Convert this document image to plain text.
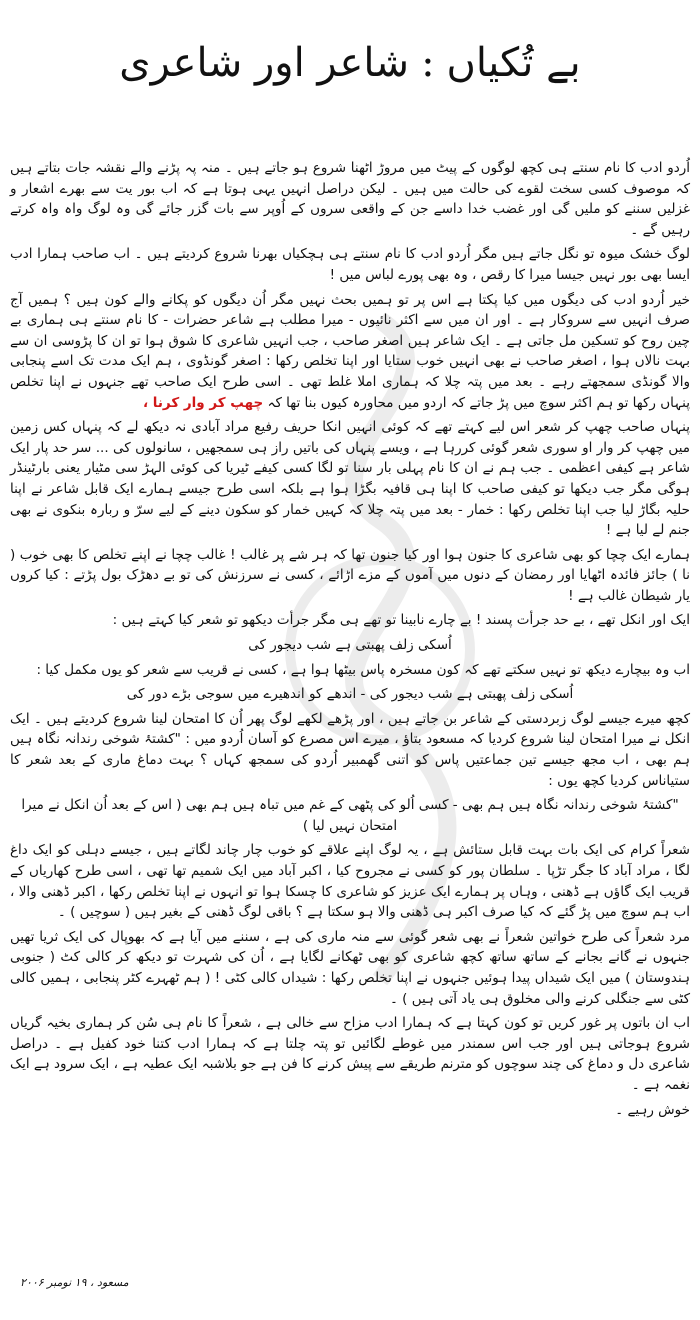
بے تُکیاں:شاعر اور شاعری

اُردو ادب کا نام سنتے ہی کچھ لوگوں کے پیٹ میں مروڑ اٹھنا شروع ہو جاتے ہیں ۔ منہ پہ پڑنے والے نقشہ جات بتاتے ہیں کہ موصوف کسی سخت لقوے کی حالت میں ہیں ۔ لیکن دراصل انہیں یہی ہوتا ہے کہ اب بور یت سے بھرے اشعار و غزلیں سننے کو ملیں گی اور غضب خدا داسے جن کے واقعی سروں کے اُوپر سے بات گزر جائے گی وہ لوگ واہ واہ کرتے رہیں گے ۔

لوگ خشک میوہ تو نگل جاتے ہیں مگر اُردو ادب کا نام سنتے ہی ہچکیاں بھرنا شروع کردیتے ہیں ۔ اب صاحب ہمارا ادب ایسا بھی بور نہیں جیسا میرا کا رقص ، وہ بھی پورے لباس میں !

خیر اُردو ادب کی دیگوں میں کیا پکتا ہے اس پر تو ہمیں بحث نہیں مگر اُن دیگوں کو پکانے والے کون ہیں ؟ ہمیں آج صرف انہیں سے سروکار ہے ۔ اور ان میں سے اکثر نائیوں - میرا مطلب ہے شاعر حضرات - کا نام سنتے ہی ہماری بے چین روح کو تسکین مل جاتی ہے ۔ ایک شاعر ہیں اصغر صاحب ، جب انہیں شاعری کا شوق ہوا تو ان کا پڑوسی ان سے بہت نالاں ہوا ، اصغر صاحب نے بھی انہیں خوب ستایا اور اپنا تخلص رکھا : اصغر گونڈوی ، ہم ایک مدت تک اسے پنجابی والا گونڈی سمجھتے رہے ۔ بعد میں پتہ چلا کہ ہماری املا غلط تھی ۔ اسی طرح ایک صاحب تھے جنہوں نے اپنا تخلص پنہاں رکھا تو ہم اکثر سوچ میں پڑ جاتے کہ اردو میں محاورہ کیوں بنا تھا کہ چھپ کر وار کرنا ،

پنہاں صاحب چھپ کر شعر اس لیے کہتے تھے کہ کوئی انہیں انکا حریف رفیع مراد آبادی نہ دیکھ لے کہ پنہاں کس زمین میں چھپ کر وار او سوری شعر گوئی کررہا ہے ، ویسے پنہاں کی باتیں راز ہی سمجھیں ، سانولوں کی ... سر حد پار ایک شاعر ہے کیفی اعظمی ۔ جب ہم نے ان کا نام پہلی بار سنا تو لگا کسی کیفے ٹیریا کی کوئی الہڑ سی مٹیار یعنی بارٹینڈر ہوگی مگر جب دیکھا تو کیفی صاحب کا اپنا ہی قافیہ بگڑا ہوا ہے بلکہ اسی طرح جیسے ہمارے ایک قابل شاعر نے اپنا حلیہ بگاڑ لیا جب اپنا تخلص رکھا : خمار - بعد میں پتہ چلا کہ کہیں خمار کو سکون دینے کے لیے سرّ و ربارہ بنکوی نے بھی جنم لے لیا ہے !

ہمارے ایک چچا کو بھی شاعری کا جنون ہوا اور کیا جنون تھا کہ ہر شے پر غالب ! غالب چچا نے اپنے تخلص کا بھی خوب ( نا ) جائز فائدہ اٹھایا اور رمضان کے دنوں میں آموں کے مزے اڑائے ، کسی نے سرزنش کی تو بے دھڑک بول پڑتے : کیا کروں یار شیطان غالب ہے !

ایک اور انکل تھے ، بے حد جرأت پسند ! بے چارے نابینا تو تھے ہی مگر جرأت دیکھو تو شعر کیا کہتے ہیں :

اُسکی زلف پھبتی ہے شب دیجور کی

اب وہ بیچارے دیکھ تو نہیں سکتے تھے کہ کون مسخرہ پاس بیٹھا ہوا ہے ، کسی نے قریب سے شعر کو یوں مکمل کیا :

اُسکی زلف پھبتی ہے شب دیجور کی - اندھے کو اندھیرے میں سوجی بڑے دور کی

کچھ میرے جیسے لوگ زبردستی کے شاعر بن جاتے ہیں ، اور پڑھے لکھے لوگ پھر اُن کا امتحان لینا شروع کردیتے ہیں ۔ ایک انکل نے میرا امتحان لینا شروع کردیا کہ مسعود بتاؤ ، میرے اس مصرع کو آسان اُردو میں : "کشتۂ شوخی رندانہ نگاہ ہیں ہم بھی ، اب مجھ جیسے تین جماعتیں پاس کو اتنی گھمبیر اُردو کی سمجھ کہاں ؟ بہت دماغ ماری کے بعد شعر کا ستیاناس کردیا کچھ یوں :

"کشتۂ شوخی رندانہ نگاہ ہیں ہم بھی - کسی اُلو کی پٹھی کے غم میں تباہ ہیں ہم بھی ( اس کے بعد اُن انکل نے میرا امتحان نہیں لیا )

شعراً کرام کی ایک بات بہت قابل ستائش ہے ، یہ لوگ اپنے علاقے کو خوب چار چاند لگاتے ہیں ، جیسے دہلی کو ایک داغ لگا ، مراد آباد کا جگر تڑپا ۔ سلطان پور کو کسی نے مجروح کیا ، اکبر آباد میں ایک شمیم تھا تھی ، اسی طرح کھاریاں کے قریب ایک گاؤں ہے ڈھنی ، وہاں پر ہمارے ایک عزیز کو شاعری کا چسکا ہوا تو انہوں نے اپنا تخلص رکھا ، اکبر ڈھنی والا ، اب ہم سوچ میں پڑ گئے کہ کیا صرف اکبر ہی ڈھنی والا ہو سکتا ہے ؟ باقی لوگ ڈھنی کے بغیر ہیں ( سوچیں ) ۔

مرد شعراً کی طرح خواتین شعراً نے بھی شعر گوئی سے منہ ماری کی ہے ، سننے میں آیا ہے کہ بھوپال کی ایک ثریا تھیں جنہوں نے گانے بجانے کے ساتھ ساتھ کچھ شاعری کو بھی ٹھکانے لگایا ہے ، اُن کی شہرت تو دیکھ کر کالی کٹ ( جنوبی ہندوستان ) میں ایک شیداں پیدا ہوئیں جنہوں نے اپنا تخلص رکھا : شیداں کالی کٹی ! ( ہم ٹھہرے کٹر پنجابی ، ہمیں کالی کٹی سے جنگلی کرنے والی مخلوق ہی یاد آتی ہیں ) ۔

اب ان باتوں پر غور کریں تو کون کہتا ہے کہ ہمارا ادب مزاح سے خالی ہے ، شعراً کا نام ہی سُن کر ہماری بخیہ گریاں شروع ہوجاتی ہیں اور جب اس سمندر میں غوطے لگائیں تو پتہ چلتا ہے کہ ہمارا ادب کتنا خود کفیل ہے ۔ دراصل شاعری دل و دماغ کی چند سوچوں کو مترنم طریقے سے پیش کرنے کا فن ہے جو بلاشبہ ایک عطیہ ہے ، ایک سرود ہے ایک نغمہ ہے ۔

خوش رہیے ۔

مسعود ، ۱۹ نومبر ۲۰۰۶
